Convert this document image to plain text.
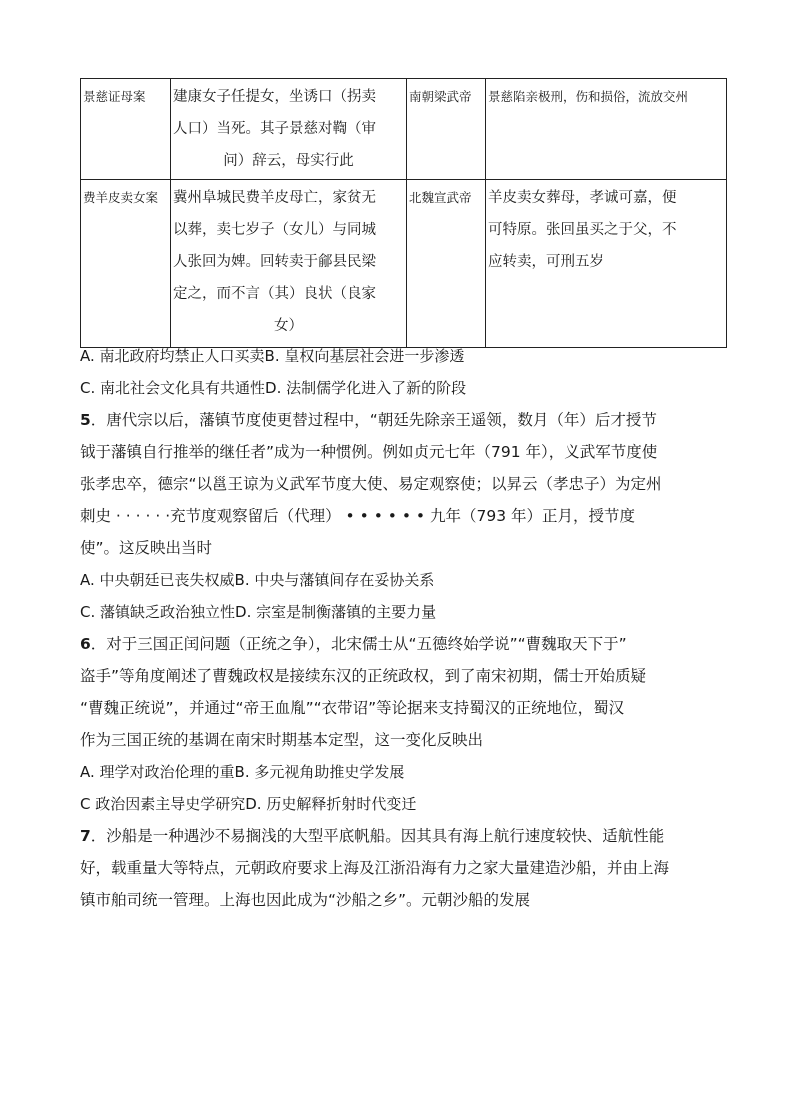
景慈证母案	建康女子任提女，坐诱口（拐卖
人口）当死。其子景慈对鞫（审
问）辞云，母实行此	南朝梁武帝	景慈陷亲极刑，伤和损俗，流放交州
费羊皮卖女案	冀州阜城民费羊皮母亡，家贫无
以葬，卖七岁子（女儿）与同城
人张回为婢。回转卖于鄃县民梁
定之，而不言（其）良状（良家
女）	北魏宣武帝	羊皮卖女葬母，孝诚可嘉，便
可特原。张回虽买之于父，不
应转卖，可刑五岁
A. 南北政府均禁止人口买卖B. 皇权向基层社会进一步渗透
C. 南北社会文化具有共通性D. 法制儒学化进入了新的阶段
5．唐代宗以后，藩镇节度使更替过程中，“朝廷先除亲王遥领，数月（年）后才授节
钺于藩镇自行推举的继任者”成为一种惯例。例如贞元七年（791 年），义武军节度使
张孝忠卒，德宗“以邕王谅为义武军节度大使、易定观察使；以昇云（孝忠子）为定州
刺史 · · · · · ·充节度观察留后（代理） • • • • • • 九年（793 年）正月，授节度
使”。这反映出当时
A. 中央朝廷已丧失权威B. 中央与藩镇间存在妥协关系
C. 藩镇缺乏政治独立性D. 宗室是制衡藩镇的主要力量
6．对于三国正闰问题（正统之争），北宋儒士从“五德终始学说”“曹魏取天下于”
盗手”等角度阐述了曹魏政权是接续东汉的正统政权，到了南宋初期，儒士开始质疑
“曹魏正统说”，并通过“帝王血胤”“衣带诏”等论据来支持蜀汉的正统地位，蜀汉
作为三国正统的基调在南宋时期基本定型，这一变化反映出
A. 理学对政治伦理的重B. 多元视角助推史学发展
C 政治因素主导史学研究D. 历史解释折射时代变迁
7．沙船是一种遇沙不易搁浅的大型平底帆船。因其具有海上航行速度较快、适航性能
好，载重量大等特点，元朝政府要求上海及江浙沿海有力之家大量建造沙船，并由上海
镇市舶司统一管理。上海也因此成为“沙船之乡”。元朝沙船的发展
